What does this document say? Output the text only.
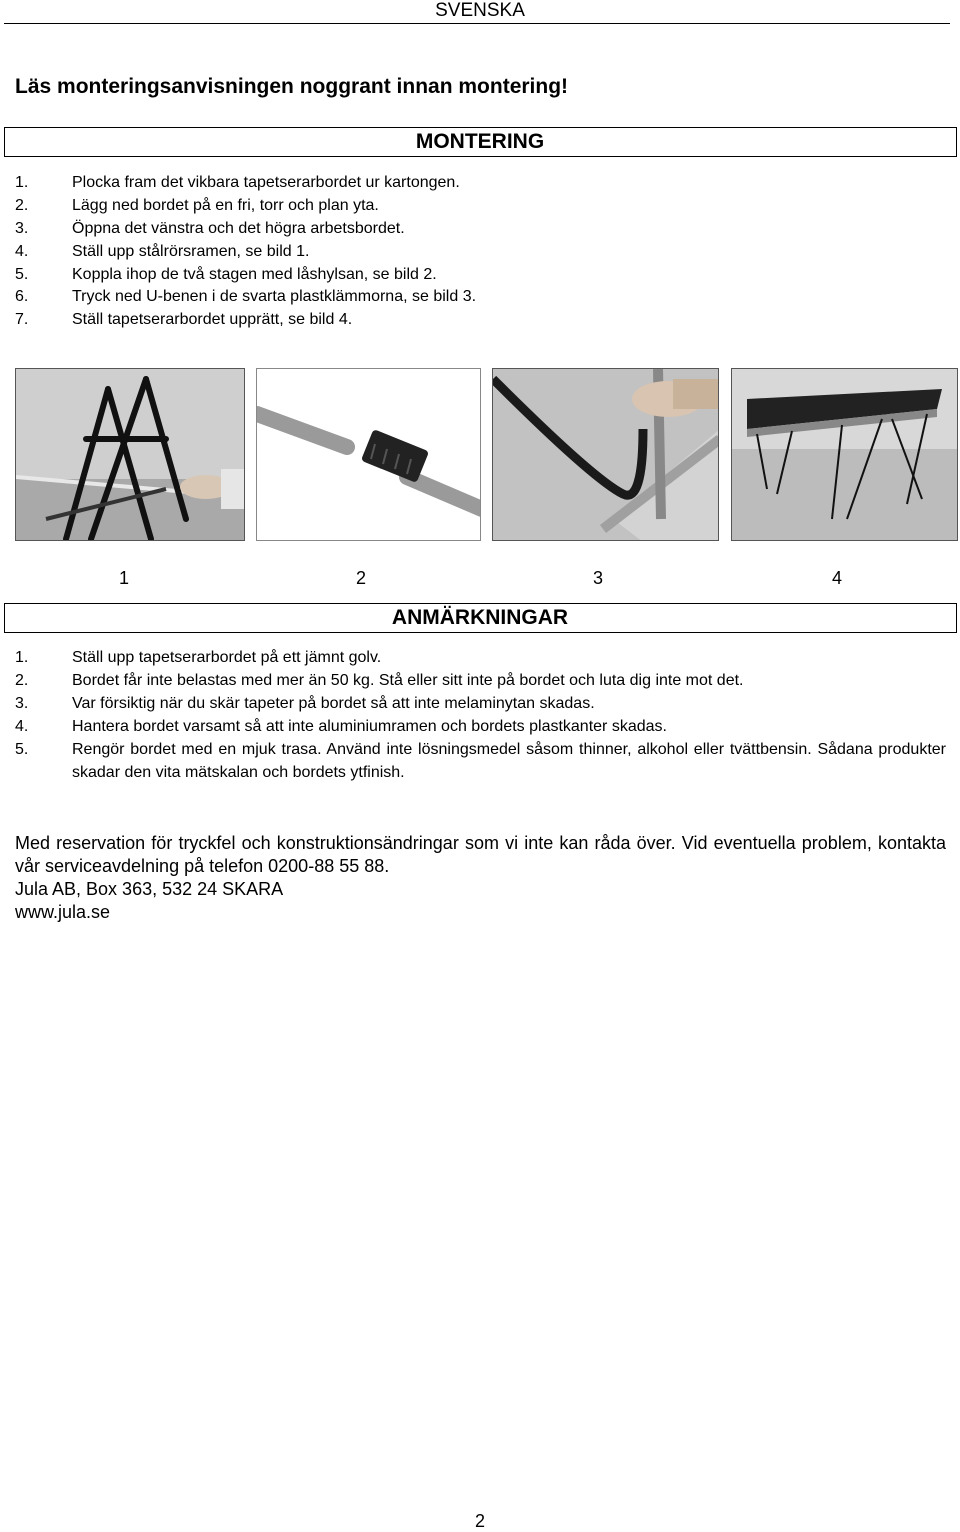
SVENSKA
Läs monteringsanvisningen noggrant innan montering!
MONTERING
1.	Plocka fram det vikbara tapetserarbordet ur kartongen.
2.	Lägg ned bordet på en fri, torr och plan yta.
3.	Öppna det vänstra och det högra arbetsbordet.
4.	Ställ upp stålrörsramen, se bild 1.
5.	Koppla ihop de två stagen med låshylsan, se bild 2.
6.	Tryck ned U-benen i de svarta plastklämmorna, se bild 3.
7.	Ställ tapetserarbordet upprätt, se bild 4.
1	2	3	4
ANMÄRKNINGAR
1.	Ställ upp tapetserarbordet på ett jämnt golv.
2.	Bordet får inte belastas med mer än 50 kg. Stå eller sitt inte på bordet och luta dig inte mot det.
3.	Var försiktig när du skär tapeter på bordet så att inte melaminytan skadas.
4.	Hantera bordet varsamt så att inte aluminiumramen och bordets plastkanter skadas.
5.	Rengör bordet med en mjuk trasa. Använd inte lösningsmedel såsom thinner, alkohol eller tvättbensin. Sådana produkter skadar den vita mätskalan och bordets ytfinish.

Med reservation för tryckfel och konstruktionsändringar som vi inte kan råda över. Vid eventuella problem, kontakta vår serviceavdelning på telefon 0200-88 55 88.

Jula AB, Box 363, 532 24 SKARA

www.jula.se

2
